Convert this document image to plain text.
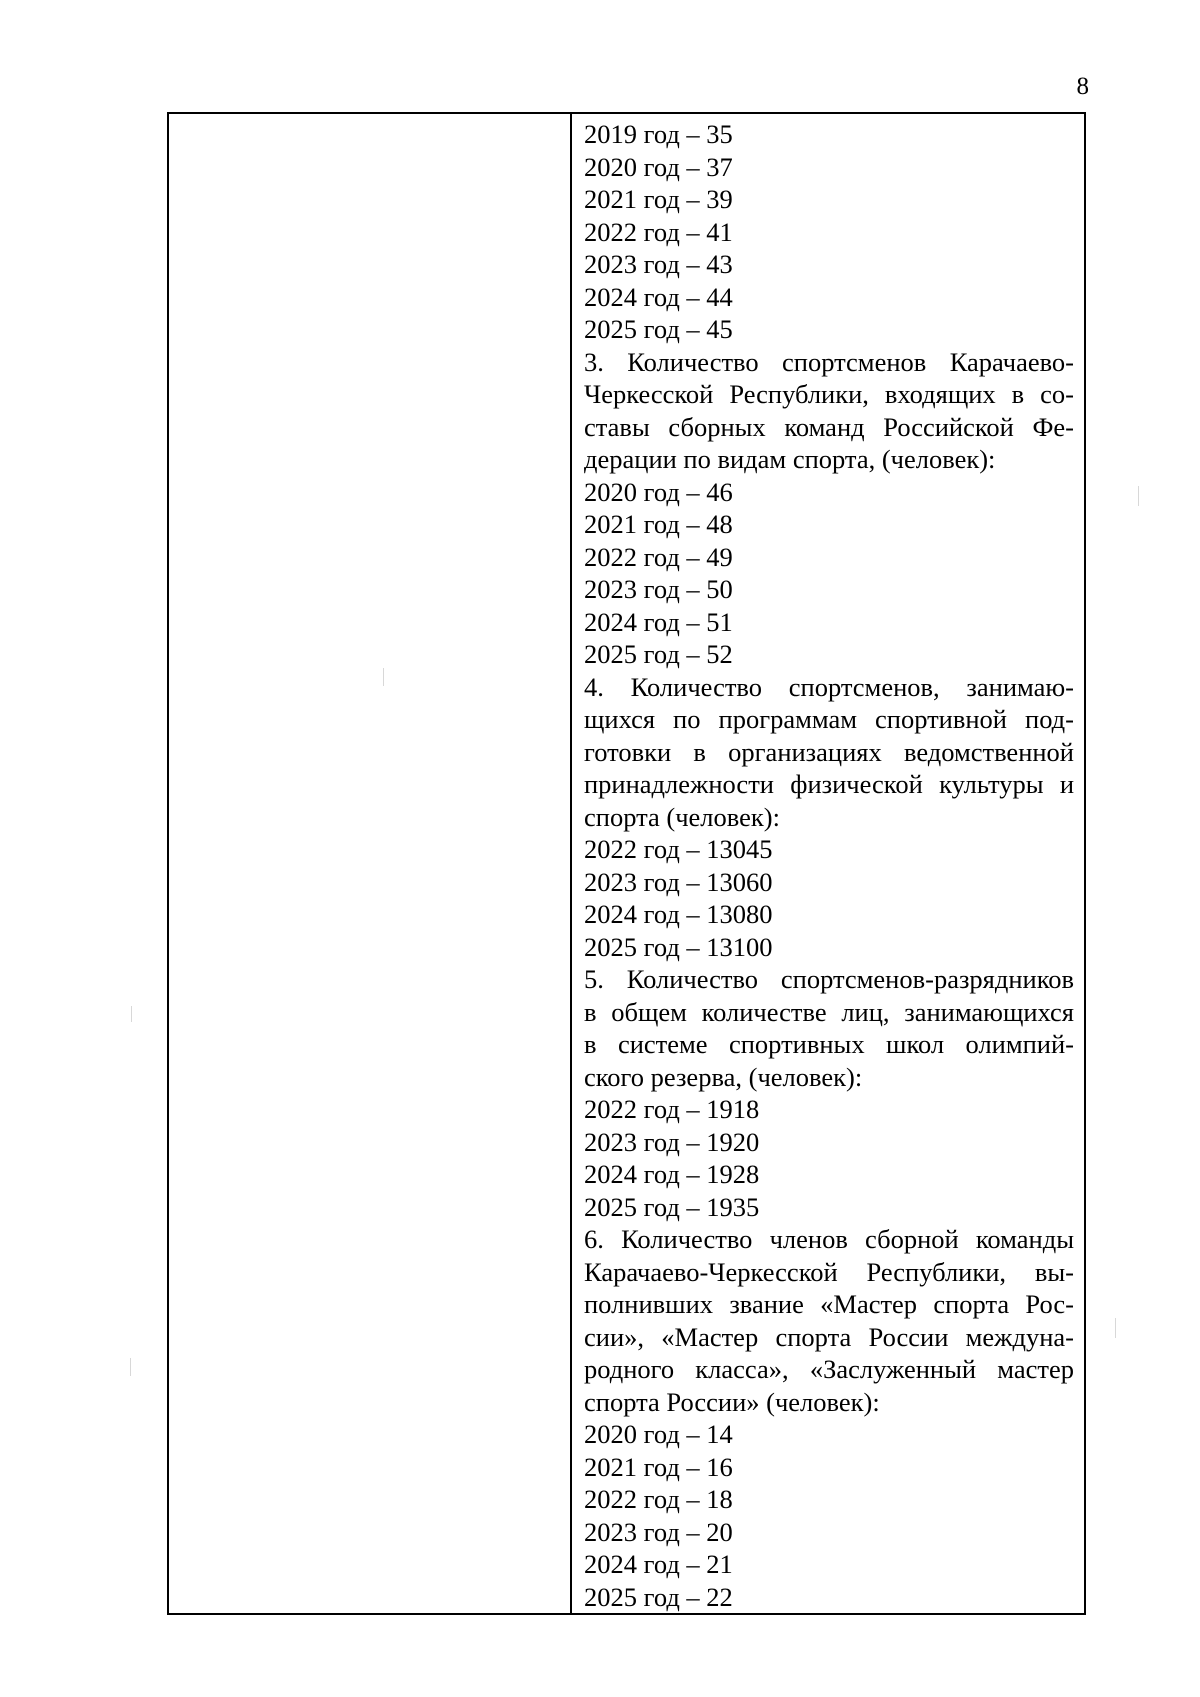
8
2019 год – 35
2020 год – 37
2021 год – 39
2022 год – 41
2023 год – 43
2024 год – 44
2025 год – 45
3. Количество спортсменов Карачаево-
Черкесской Республики, входящих в со-
ставы сборных команд Российской Фе-
дерации по видам спорта, (человек):
2020 год – 46
2021 год – 48
2022 год – 49
2023 год – 50
2024 год – 51
2025 год – 52
4. Количество спортсменов, занимаю-
щихся по программам спортивной под-
готовки в организациях ведомственной
принадлежности физической культуры и
спорта (человек):
2022 год – 13045
2023 год – 13060
2024 год – 13080
2025 год – 13100
5. Количество спортсменов-разрядников
в общем количестве лиц, занимающихся
в системе спортивных школ олимпий-
ского резерва, (человек):
2022 год – 1918
2023 год – 1920
2024 год – 1928
2025 год – 1935
6. Количество членов сборной команды
Карачаево-Черкесской Республики, вы-
полнивших звание «Мастер спорта Рос-
сии», «Мастер спорта России междуна-
родного класса», «Заслуженный мастер
спорта России» (человек):
2020 год – 14
2021 год – 16
2022 год – 18
2023 год – 20
2024 год – 21
2025 год – 22
